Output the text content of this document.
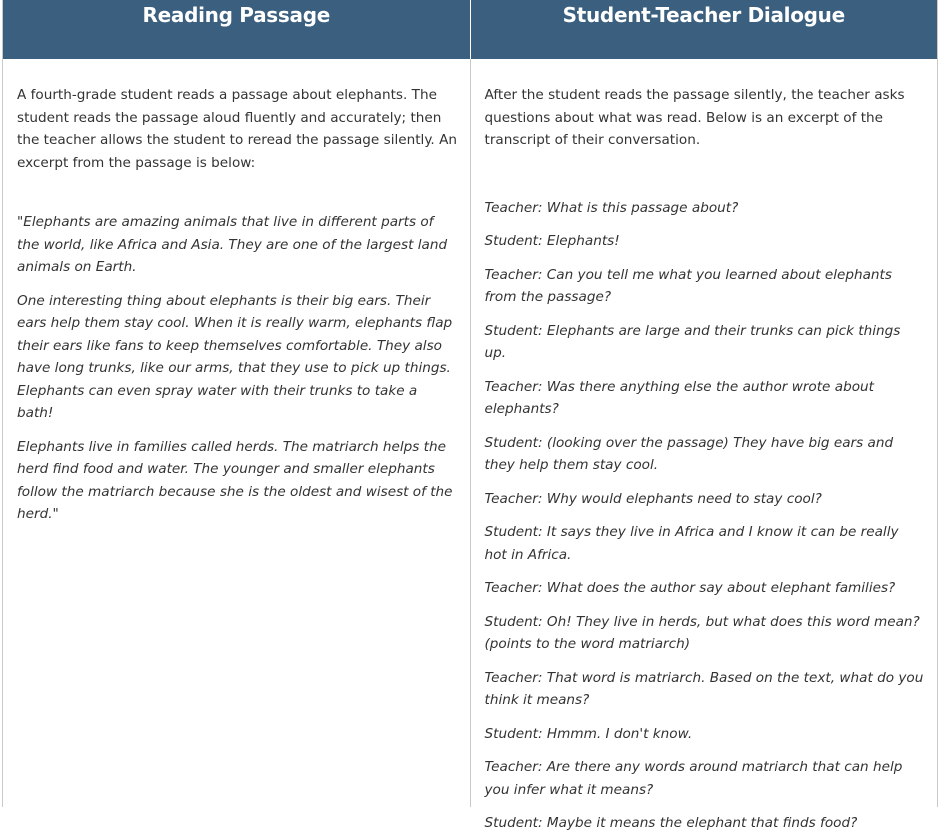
Reading Passage	Student-Teacher Dialogue

A fourth-grade student reads a passage about elephants. The student reads the passage aloud fluently and accurately; then the teacher allows the student to reread the passage silently. An excerpt from the passage is below:

"Elephants are amazing animals that live in different parts of the world, like Africa and Asia. They are one of the largest land animals on Earth.

One interesting thing about elephants is their big ears. Their ears help them stay cool. When it is really warm, elephants flap their ears like fans to keep themselves comfortable. They also have long trunks, like our arms, that they use to pick up things. Elephants can even spray water with their trunks to take a bath!

Elephants live in families called herds. The matriarch helps the herd find food and water. The younger and smaller elephants follow the matriarch because she is the oldest and wisest of the herd."

After the student reads the passage silently, the teacher asks questions about what was read. Below is an excerpt of the transcript of their conversation.

Teacher: What is this passage about?

Student: Elephants!

Teacher: Can you tell me what you learned about elephants from the passage?

Student: Elephants are large and their trunks can pick things up.

Teacher: Was there anything else the author wrote about elephants?

Student: (looking over the passage) They have big ears and they help them stay cool.

Teacher: Why would elephants need to stay cool?

Student: It says they live in Africa and I know it can be really hot in Africa.

Teacher: What does the author say about elephant families?

Student: Oh! They live in herds, but what does this word mean? (points to the word matriarch)

Teacher: That word is matriarch. Based on the text, what do you think it means?

Student: Hmmm. I don't know.

Teacher: Are there any words around matriarch that can help you infer what it means?

Student: Maybe it means the elephant that finds food?
